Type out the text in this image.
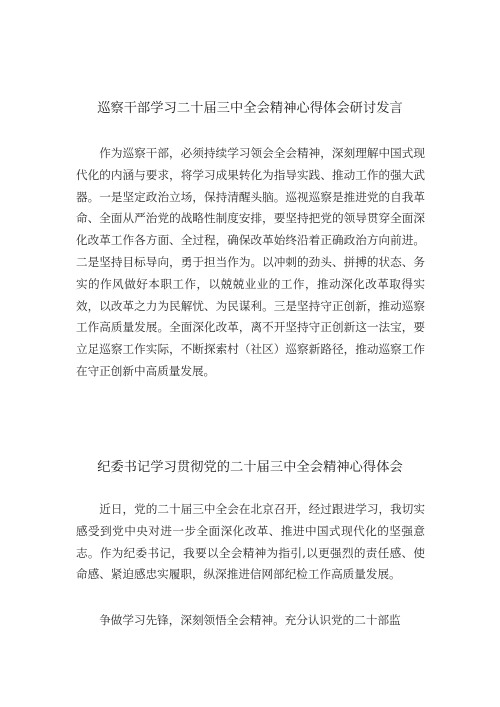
巡察干部学习二十届三中全会精神心得体会研讨发言

作为巡察干部，必须持续学习领会全会精神，深刻理解中国式现代化的内涵与要求，将学习成果转化为指导实践、推动工作的强大武器。一是坚定政治立场，保持清醒头脑。巡视巡察是推进党的自我革命、全面从严治党的战略性制度安排，要坚持把党的领导贯穿全面深化改革工作各方面、全过程，确保改革始终沿着正确政治方向前进。二是坚持目标导向，勇于担当作为。以冲刺的劲头、拼搏的状态、务实的作风做好本职工作，以兢兢业业的工作，推动深化改革取得实效，以改革之力为民解忧、为民谋利。三是坚持守正创新，推动巡察工作高质量发展。全面深化改革，离不开坚持守正创新这一法宝，要立足巡察工作实际，不断探索村（社区）巡察新路径，推动巡察工作在守正创新中高质量发展。

纪委书记学习贯彻党的二十届三中全会精神心得体会

近日，党的二十届三中全会在北京召开，经过跟进学习，我切实感受到党中央对进一步全面深化改革、推进中国式现代化的坚强意志。作为纪委书记，我要以全会精神为指引,以更强烈的责任感、使命感、紧迫感忠实履职，纵深推进信网部纪检工作高质量发展。

争做学习先锋，深刻领悟全会精神。充分认识党的二十部监
